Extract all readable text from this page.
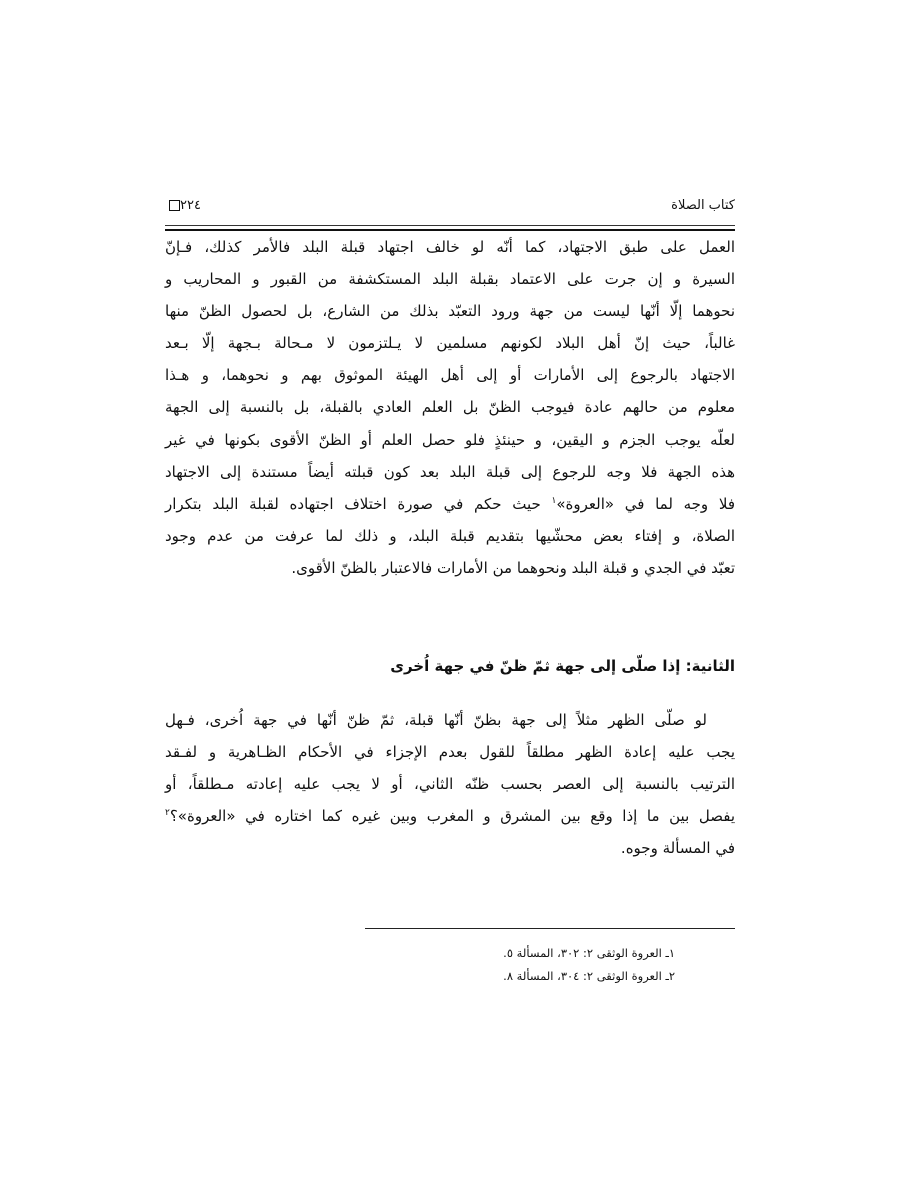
كتاب الصلاة
٢٢٤
العمل على طبق الاجتهاد، كما أنّه لو خالف اجتهاد قبلة البلد فالأمر كذلك، فـإنّ
السيرة و إن جرت على الاعتماد بقبلة البلد المستكشفة من القبور و المحاريب و
نحوهما إلّا أنّها ليست من جهة ورود التعبّد بذلك من الشارع، بل لحصول الظنّ منها
غالباً، حيث إنّ أهل البلاد لكونهم مسلمين لا يـلتزمون لا مـحالة بـجهة إلّا بـعد
الاجتهاد بالرجوع إلى الأمارات أو إلى أهل الهيئة الموثوق بهم و نحوهما، و هـذا
معلوم من حالهم عادة فيوجب الظنّ بل العلم العادي بالقبلة، بل بالنسبة إلى الجهة
لعلّه يوجب الجزم و اليقين، و حينئذٍ فلو حصل العلم أو الظنّ الأقوى بكونها في غير
هذه الجهة فلا وجه للرجوع إلى قبلة البلد بعد كون قبلته أيضاً مستندة إلى الاجتهاد
فلا وجه لما في «العروة»$^١$ حيث حكم في صورة اختلاف اجتهاده لقبلة البلد بتكرار
الصلاة، و إفتاء بعض محشّيها بتقديم قبلة البلد، و ذلك لما عرفت من عدم وجود
تعبّد في الجدي و قبلة البلد ونحوهما من الأمارات فالاعتبار بالظنّ الأقوى.
الثانية: إذا صلّى إلى جهة ثمّ ظنّ في جهة اُخرى
لو صلّى الظهر مثلاً إلى جهة بظنّ أنّها قبلة، ثمّ ظنّ أنّها في جهة اُخرى، فـهل
يجب عليه إعادة الظهر مطلقاً للقول بعدم الإجزاء في الأحكام الظـاهرية و لفـقد
الترتيب بالنسبة إلى العصر بحسب ظنّه الثاني، أو لا يجب عليه إعادته مـطلقاً، أو
يفصل بين ما إذا وقع بين المشرق و المغرب وبين غيره كما اختاره في «العروة»؟$^٢$
في المسألة وجوه.
١ـ العروة الوثقى ٢: ٣٠٢، المسألة ٥.
٢ـ العروة الوثقى ٢: ٣٠٤، المسألة ٨.
